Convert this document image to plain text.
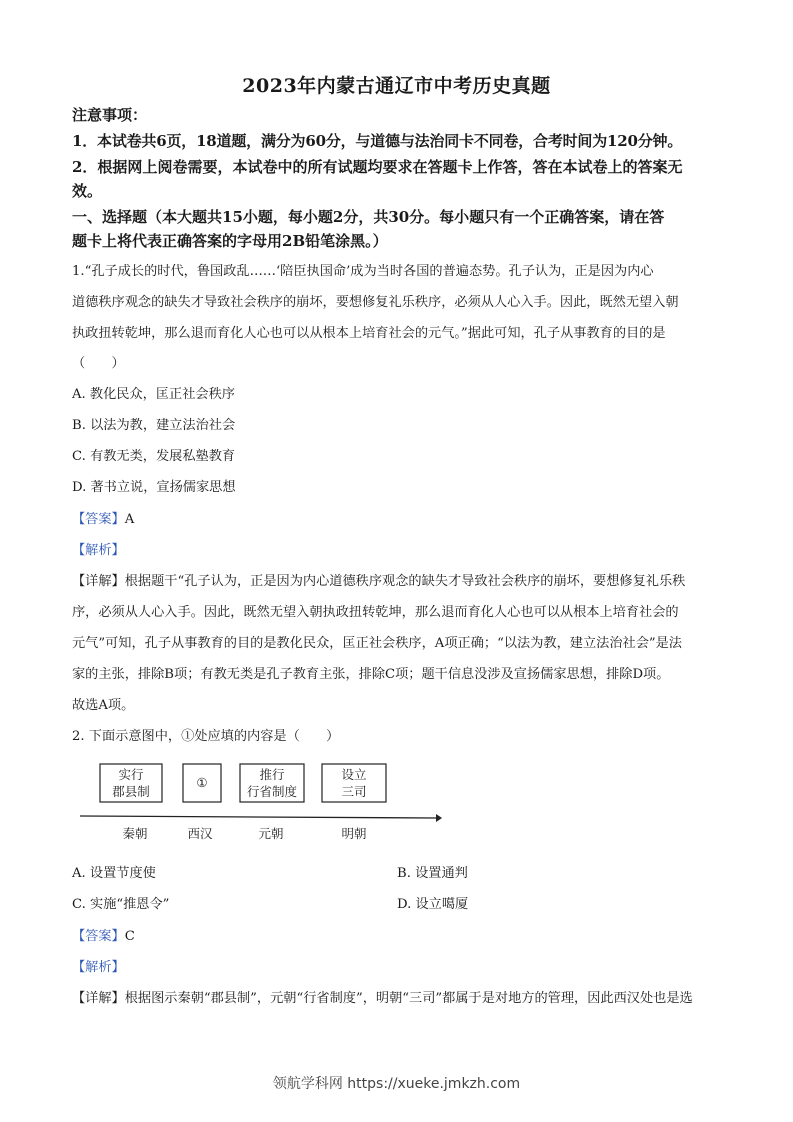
2023年内蒙古通辽市中考历史真题
注意事项：
1．本试卷共6页，18道题，满分为60分，与道德与法治同卡不同卷，合考时间为120分钟。
2．根据网上阅卷需要，本试卷中的所有试题均要求在答题卡上作答，答在本试卷上的答案无
效。
一、选择题（本大题共15小题，每小题2分，共30分。每小题只有一个正确答案，请在答
题卡上将代表正确答案的字母用2B铅笔涂黑。）
1.“孔子成长的时代，鲁国政乱……‘陪臣执国命’成为当时各国的普遍态势。孔子认为，正是因为内心
道德秩序观念的缺失才导致社会秩序的崩坏，要想修复礼乐秩序，必须从人心入手。因此，既然无望入朝
执政扭转乾坤，那么退而育化人心也可以从根本上培育社会的元气。”据此可知，孔子从事教育的目的是
（　　）
A. 教化民众，匡正社会秩序
B. 以法为教，建立法治社会
C. 有教无类，发展私塾教育
D. 著书立说，宣扬儒家思想
【答案】A
【解析】
【详解】根据题干“孔子认为，正是因为内心道德秩序观念的缺失才导致社会秩序的崩坏，要想修复礼乐秩
序，必须从人心入手。因此，既然无望入朝执政扭转乾坤，那么退而育化人心也可以从根本上培育社会的
元气”可知，孔子从事教育的目的是教化民众，匡正社会秩序，A项正确；“以法为教，建立法治社会”是法
家的主张，排除B项；有教无类是孔子教育主张，排除C项；题干信息没涉及宣扬儒家思想，排除D项。
故选A项。
2. 下面示意图中，①处应填的内容是（　　）
实行
郡县制
①
推行
行省制度
设立
三司
秦朝	西汉	元朝	明朝
A. 设置节度使	B. 设置通判
C. 实施“推恩令”	D. 设立噶厦
【答案】C
【解析】
【详解】根据图示秦朝“郡县制”，元朝“行省制度”，明朝“三司”都属于是对地方的管理，因此西汉处也是选
领航学科网 https://xueke.jmkzh.com
